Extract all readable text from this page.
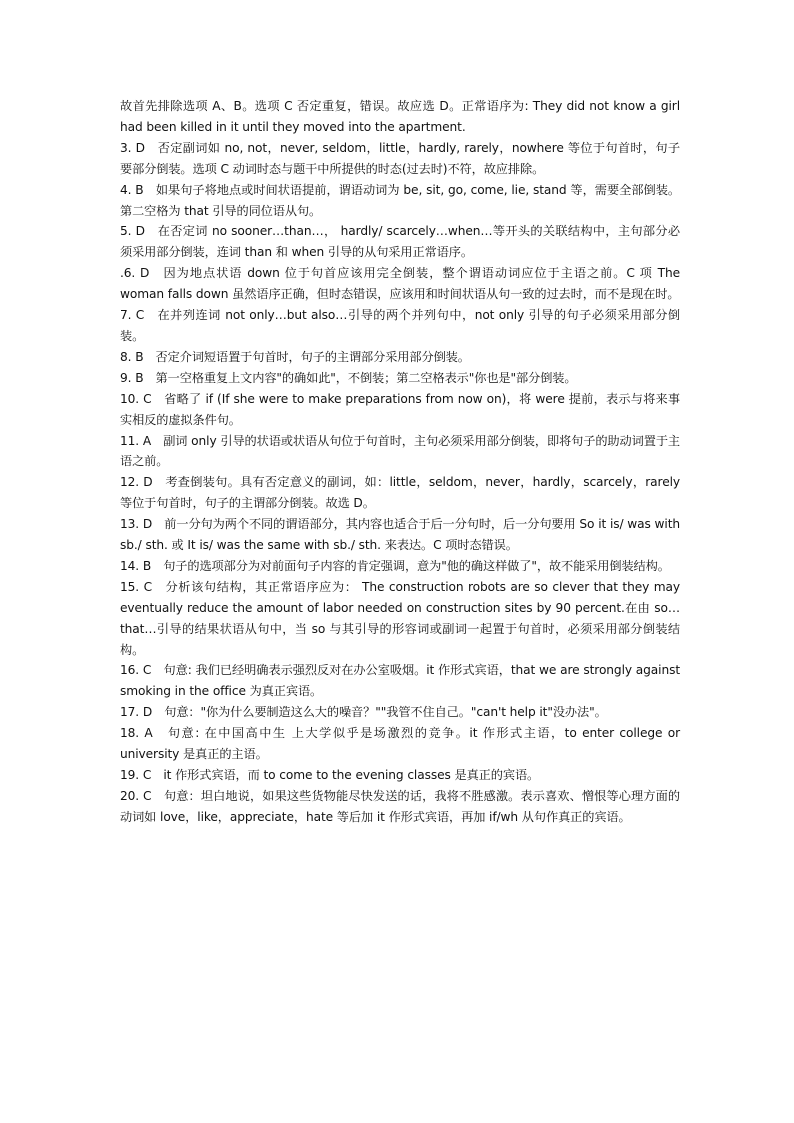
故首先排除选项 A、B。选项 C 否定重复，错误。故应选 D。正常语序为: They did not know a girl had been killed in it until they moved into the apartment.

3. D　否定副词如 no, not，never, seldom，little，hardly, rarely，nowhere 等位于句首时，句子要部分倒装。选项 C 动词时态与题干中所提供的时态(过去时)不符，故应排除。

4. B　如果句子将地点或时间状语提前，谓语动词为 be, sit, go, come, lie, stand 等，需要全部倒装。第二空格为 that 引导的同位语从句。

5. D　在否定词 no sooner…than…， hardly/ scarcely…when…等开头的关联结构中，主句部分必须采用部分倒装，连词 than 和 when 引导的从句采用正常语序。

.6. D　因为地点状语 down 位于句首应该用完全倒装，整个谓语动词应位于主语之前。C 项 The woman falls down 虽然语序正确，但时态错误，应该用和时间状语从句一致的过去时，而不是现在时。

7. C　在并列连词 not only…but also…引导的两个并列句中，not only 引导的句子必须采用部分倒装。

8. B　否定介词短语置于句首时，句子的主谓部分采用部分倒装。

9. B　第一空格重复上文内容"的确如此"，不倒装；第二空格表示"你也是"部分倒装。

10. C　省略了 if (If she were to make preparations from now on)，将 were 提前，表示与将来事实相反的虚拟条件句。

11. A　副词 only 引导的状语或状语从句位于句首时，主句必须采用部分倒装，即将句子的助动词置于主语之前。

12. D　考查倒装句。具有否定意义的副词，如：little，seldom，never，hardly，scarcely，rarely 等位于句首时，句子的主谓部分倒装。故选 D。

13. D　前一分句为两个不同的谓语部分，其内容也适合于后一分句时，后一分句要用 So it is/ was with sb./ sth. 或 It is/ was the same with sb./ sth. 来表达。C 项时态错误。

14. B　句子的选项部分为对前面句子内容的肯定强调，意为"他的确这样做了"，故不能采用倒装结构。

15. C　分析该句结构，其正常语序应为： The construction robots are so clever that they may eventually reduce the amount of labor needed on construction sites by 90 percent.在由 so…that…引导的结果状语从句中，当 so 与其引导的形容词或副词一起置于句首时，必须采用部分倒装结构。

16. C　句意: 我们已经明确表示强烈反对在办公室吸烟。it 作形式宾语，that we are strongly against smoking in the office 为真正宾语。

17. D　句意："你为什么要制造这么大的噪音？""我管不住自己。"can't help it"没办法"。

18. A　句意: 在中国高中生 上大学似乎是场激烈的竞争。it 作形式主语，to enter college or university 是真正的主语。

19. C　it 作形式宾语，而 to come to the evening classes 是真正的宾语。

20. C　句意：坦白地说，如果这些货物能尽快发送的话，我将不胜感激。表示喜欢、憎恨等心理方面的动词如 love，like，appreciate，hate 等后加 it 作形式宾语，再加 if/wh 从句作真正的宾语。
